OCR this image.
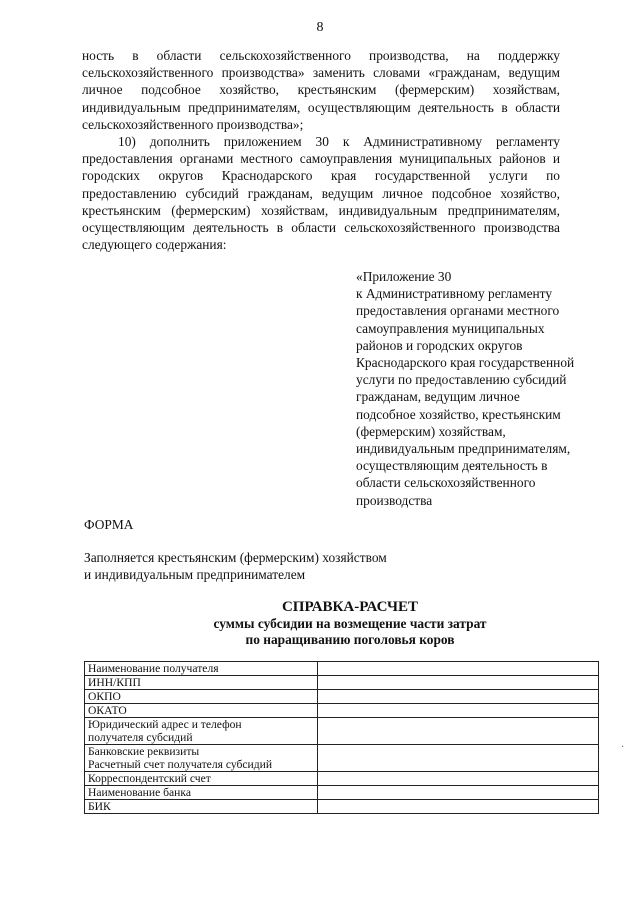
8

ность в области сельскохозяйственного производства, на поддержку сельскохозяйственного производства» заменить словами «гражданам, ведущим личное подсобное хозяйство, крестьянским (фермерским) хозяйствам, индивидуальным предпринимателям, осуществляющим деятельность в области сельскохозяйственного производства»;

10) дополнить приложением 30 к Административному регламенту предоставления органами местного самоуправления муниципальных районов и городских округов Краснодарского края государственной услуги по предоставлению субсидий гражданам, ведущим личное подсобное хозяйство, крестьянским (фермерским) хозяйствам, индивидуальным предпринимателям, осуществляющим деятельность в области сельскохозяйственного производства следующего содержания:

«Приложение 30
к Административному регламенту
предоставления органами местного
самоуправления муниципальных
районов и городских округов
Краснодарского края государственной
услуги по предоставлению субсидий
гражданам, ведущим личное
подсобное хозяйство, крестьянским
(фермерским) хозяйствам,
индивидуальным предпринимателям,
осуществляющим деятельность в
области сельскохозяйственного
производства
ФОРМА
Заполняется крестьянским (фермерским) хозяйством
и индивидуальным предпринимателем
СПРАВКА-РАСЧЕТ
суммы субсидии на возмещение части затрат
по наращиванию поголовья коров
Наименование получателя	
ИНН/КПП	
ОКПО	
ОКАТО	

Юридический адрес и телефон
получателя субсидий	

Банковские реквизиты
Расчетный счет получателя субсидий	

Корреспондентский счет	
Наименование банка	
БИК	
·
